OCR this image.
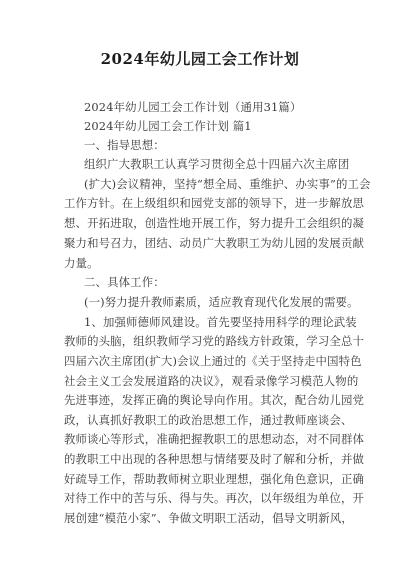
2024年幼儿园工会工作计划
2024年幼儿园工会工作计划（通用31篇）
2024年幼儿园工会工作计划 篇1
一、指导思想：
组织广大教职工认真学习贯彻全总十四届六次主席团
(扩大)会议精神，坚持“想全局、重维护、办实事”的工会
工作方针。在上级组织和园党支部的领导下，进一步解放思
想、开拓进取，创造性地开展工作，努力提升工会组织的凝
聚力和号召力，团结、动员广大教职工为幼儿园的发展贡献
力量。
二、具体工作：
(一)努力提升教师素质，适应教育现代化发展的需要。
1、加强师德师风建设。首先要坚持用科学的理论武装
教师的头脑，组织教师学习党的路线方针政策，学习全总十
四届六次主席团(扩大)会议上通过的《关于坚持走中国特色
社会主义工会发展道路的决议》，观看录像学习模范人物的
先进事迹，发挥正确的舆论导向作用。其次，配合幼儿园党
政，认真抓好教职工的政治思想工作，通过教师座谈会、
教师谈心等形式，准确把握教职工的思想动态，对不同群体
的教职工中出现的各种思想与情绪要及时了解和分析，并做
好疏导工作，帮助教师树立职业理想，强化角色意识，正确
对待工作中的苦与乐、得与失。再次，以年级组为单位，开
展创建“模范小家”、争做文明职工活动，倡导文明新风，
